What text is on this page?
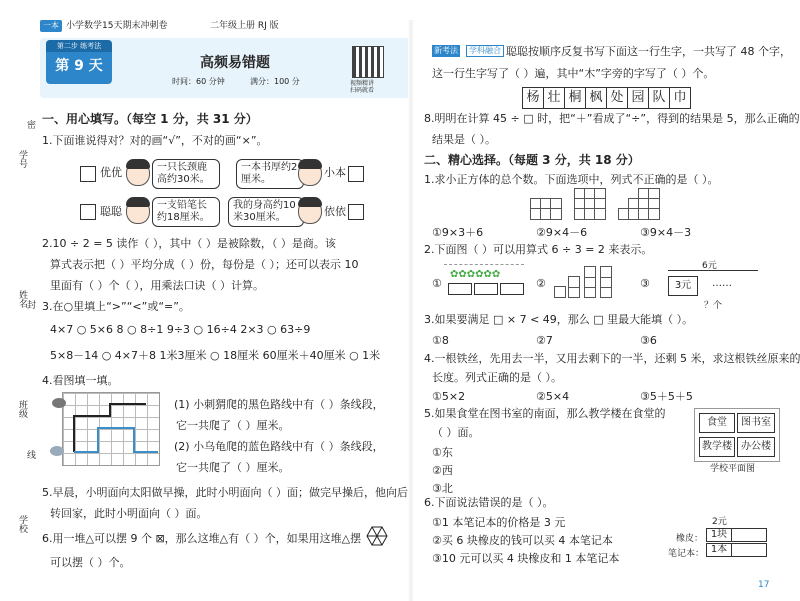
一本 小学数学15天期末冲刺卷	二年级上册 RJ 版
学号
密
姓名
封
班级
线
学校
第二步 练考法
第 9 天	高频易错题
时间：60 分钟	满分：100 分	视频精讲
扫码就看
一、用心填写。（每空 1 分，共 31 分）
1.下面谁说得对？对的画“√”，不对的画“×”。
优优	一只长颈鹿高约30米。
一本书厚约2厘米。
小本
聪聪	一支铅笔长约18厘米。
我的身高约10米30厘米。	依依
2.10 ÷ 2 = 5 读作（ ），其中（ ）是被除数，（ ）是商。该
算式表示把（ ）平均分成（ ）份，每份是（ ）；还可以表示 10
里面有（ ）个（ ），用乘法口诀（ ）计算。
3.在○里填上“>”“<”或“=”。
4×7 ○ 5×6 8 ○ 8÷1 9÷3 ○ 16÷4 2×3 ○ 63÷9
5×8－14 ○ 4×7＋8 1米3厘米 ○ 18厘米 60厘米＋40厘米 ○ 1米
4.看图填一填。
(1) 小刺猬爬的黑色路线中有（ ）条线段，
它一共爬了（ ）厘米。
(2) 小乌龟爬的蓝色路线中有（ ）条线段，
它一共爬了（ ）厘米。
5.早晨，小明面向太阳做早操，此时小明面向（ ）面；做完早操后，他向后
转回家，此时小明面向（ ）面。
6.用一堆△可以摆 9 个 ⊠，那么这堆△有（ ）个，如果用这堆△摆
可以摆（ ）个。
新考法	学科融合 聪聪按顺序反复书写下面这一行生字，一共写了 48 个字，
这一行生字写了（ ）遍，其中“木”字旁的字写了（ ）个。
杨 壮 桐 枫 处 园 队 巾
8.明明在计算 45 ÷ □ 时，把“＋”看成了“÷”，得到的结果是 5，那么正确的
结果是（ ）。
二、精心选择。（每题 3 分，共 18 分）
1.求小正方体的总个数。下面选项中，列式不正确的是（ ）。
①9×3＋6	②9×4－6	③9×4－3
2.下面图（ ）可以用算式 6 ÷ 3 = 2 来表示。
①
✿✿✿✿✿✿
②	③
6元
3元	……
？个
3.如果要满足 □ × 7 < 49，那么 □ 里最大能填（ ）。
①8	②7	③6
4.一根铁丝，先用去一半，又用去剩下的一半，还剩 5 米，求这根铁丝原来的
长度。列式正确的是（ ）。
①5×2	②5×4	③5＋5＋5
5.如果食堂在图书室的南面，那么教学楼在食堂的
（ ）面。
①东
②西
③北
食堂	图书室
教学楼 办公楼
学校平面图
6.下面说法错误的是（ ）。
①1 本笔记本的价格是 3 元
②买 6 块橡皮的钱可以买 4 本笔记本
③10 元可以买 4 块橡皮和 1 本笔记本
2元
橡皮： 1块
笔记本： 1本
17
